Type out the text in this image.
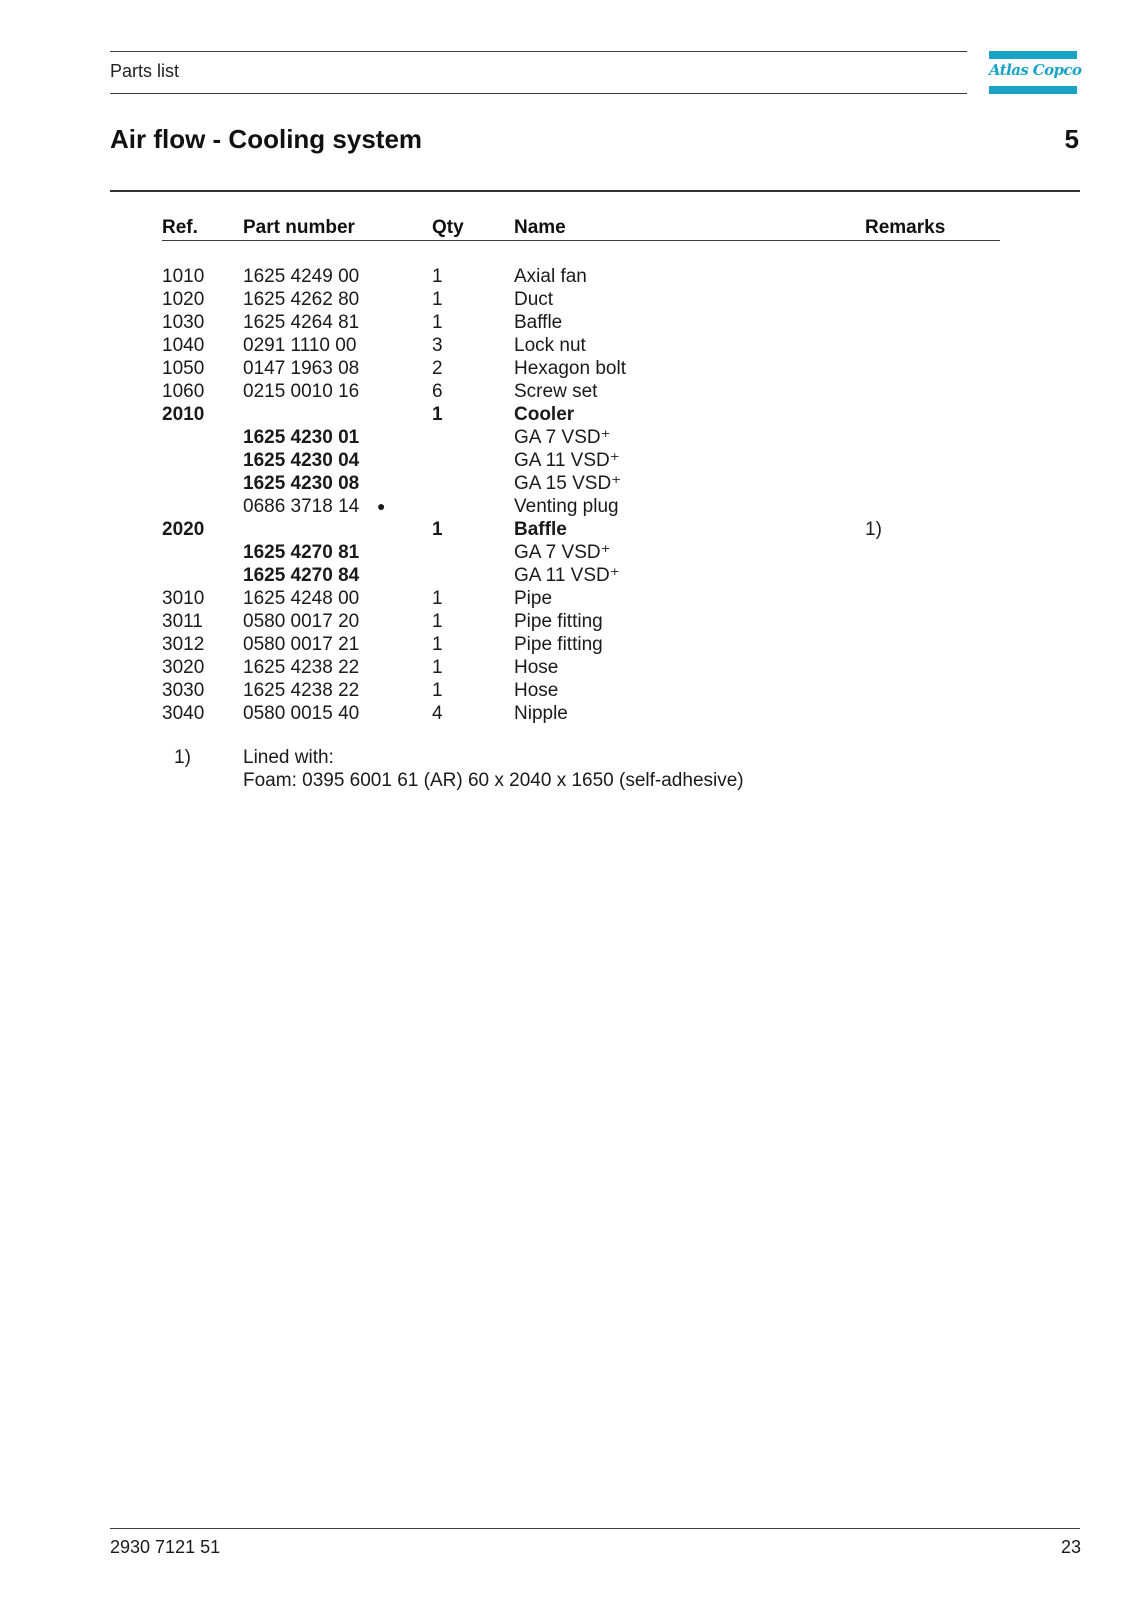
Parts list	Atlas Copco
Air flow - Cooling system	5
Ref. Part number	Qty	Name	Remarks
1010 1625 4249 00	1	Axial fan
1020 1625 4262 80	1	Duct
1030 1625 4264 81	1	Baffle
1040 0291 1110 00	3	Lock nut
1050 0147 1963 08	2	Hexagon bolt
1060 0215 0010 16	6	Screw set
2010	1	Cooler
1625 4230 01	GA 7 VSD⁺
1625 4230 04	GA 11 VSD⁺
1625 4230 08	GA 15 VSD⁺
0686 3718 14 ●	Venting plug
2020	1	Baffle	1)
1625 4270 81	GA 7 VSD⁺
1625 4270 84	GA 11 VSD⁺
3010 1625 4248 00	1	Pipe
3011 0580 0017 20	1	Pipe fitting
3012 0580 0017 21	1	Pipe fitting
3020 1625 4238 22	1	Hose
3030 1625 4238 22	1	Hose
3040 0580 0015 40	4	Nipple
1)	Lined with:
Foam: 0395 6001 61 (AR) 60 x 2040 x 1650 (self-adhesive)
2930 7121 51	23
